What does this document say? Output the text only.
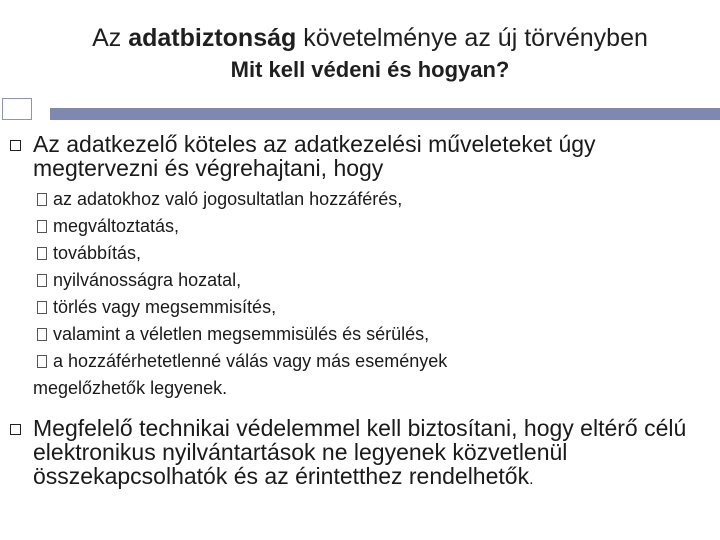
Az adatbiztonság követelménye az új törvényben
Mit kell védeni és hogyan?
Az adatkezelő köteles az adatkezelési műveleteket úgy megtervezni és végrehajtani, hogy
az adatokhoz való jogosultatlan hozzáférés,
megváltoztatás,
továbbítás,
nyilvánosságra hozatal,
törlés vagy megsemmisítés,
valamint a véletlen megsemmisülés és sérülés,
a hozzáférhetetlenné válás vagy más események
megelőzhetők legyenek.
Megfelelő technikai védelemmel kell biztosítani, hogy eltérő célú elektronikus nyilvántartások ne legyenek közvetlenül összekapcsolhatók és az érintetthez rendelhetők.
